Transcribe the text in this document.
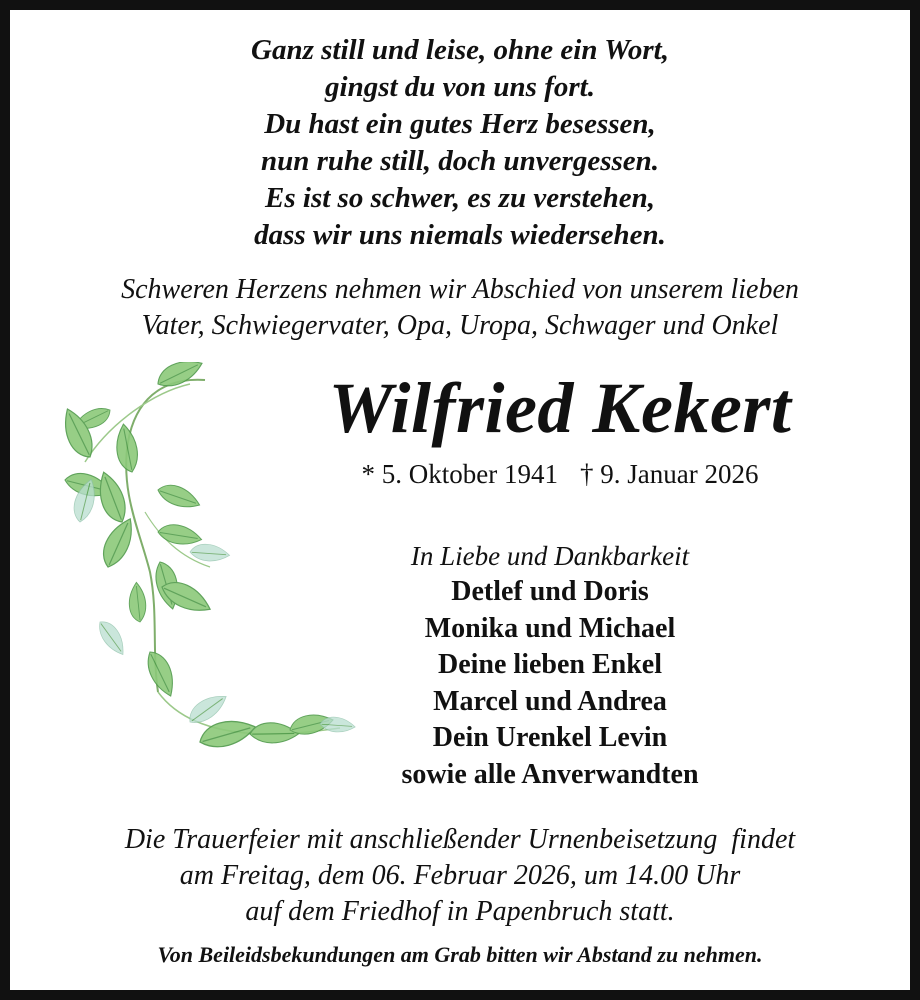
Ganz still und leise, ohne ein Wort,
gingst du von uns fort.
Du hast ein gutes Herz besessen,
nun ruhe still, doch unvergessen.
Es ist so schwer, es zu verstehen,
dass wir uns niemals wiedersehen.
Schweren Herzens nehmen wir Abschied von unserem lieben
Vater, Schwiegervater, Opa, Uropa, Schwager und Onkel
Wilfried Kekert
* 5. Oktober 1941 † 9. Januar 2026
In Liebe und Dankbarkeit
Detlef und Doris
Monika und Michael
Deine lieben Enkel
Marcel und Andrea
Dein Urenkel Levin
sowie alle Anverwandten
Die Trauerfeier mit anschließender Urnenbeisetzung  findet
am Freitag, dem 06. Februar 2026, um 14.00 Uhr
auf dem Friedhof in Papenbruch statt.
Von Beileidsbekundungen am Grab bitten wir Abstand zu nehmen.
